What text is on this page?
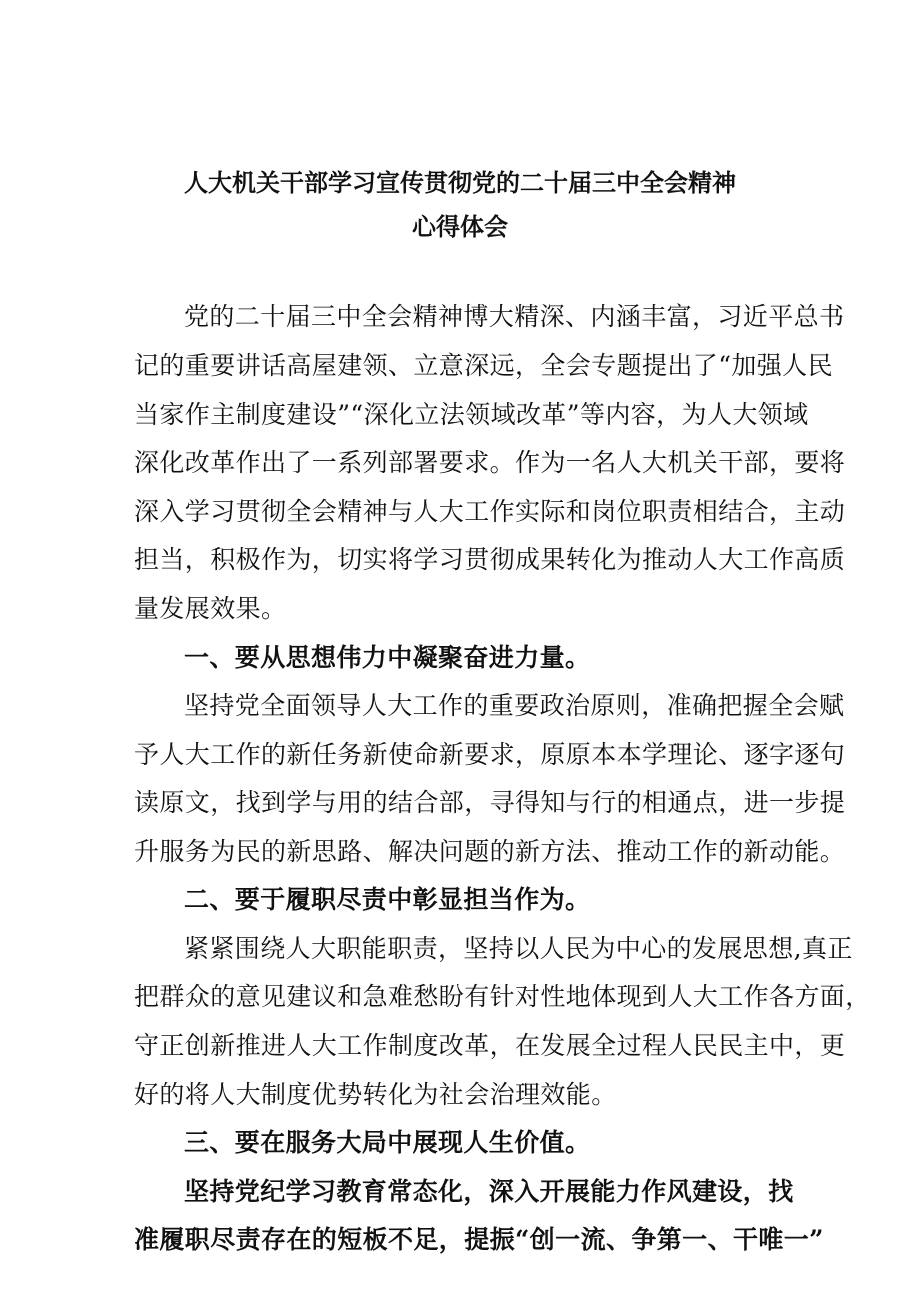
人大机关干部学习宣传贯彻党的二十届三中全会精神
心得体会
党的二十届三中全会精神博大精深、内涵丰富，习近平总书
记的重要讲话高屋建领、立意深远，全会专题提出了“加强人民
当家作主制度建设”“深化立法领域改革”等内容，为人大领域
深化改革作出了一系列部署要求。作为一名人大机关干部，要将
深入学习贯彻全会精神与人大工作实际和岗位职责相结合，主动
担当，积极作为，切实将学习贯彻成果转化为推动人大工作高质
量发展效果。
一、要从思想伟力中凝聚奋进力量。
坚持党全面领导人大工作的重要政治原则，准确把握全会赋
予人大工作的新任务新使命新要求，原原本本学理论、逐字逐句
读原文，找到学与用的结合部，寻得知与行的相通点，进一步提
升服务为民的新思路、解决问题的新方法、推动工作的新动能。
二、要于履职尽责中彰显担当作为。
紧紧围绕人大职能职责，坚持以人民为中心的发展思想,真正
把群众的意见建议和急难愁盼有针对性地体现到人大工作各方面，
守正创新推进人大工作制度改革，在发展全过程人民民主中，更
好的将人大制度优势转化为社会治理效能。
三、要在服务大局中展现人生价值。
坚持党纪学习教育常态化，深入开展能力作风建设，找
准履职尽责存在的短板不足，提振“创一流、争第一、干唯一”
